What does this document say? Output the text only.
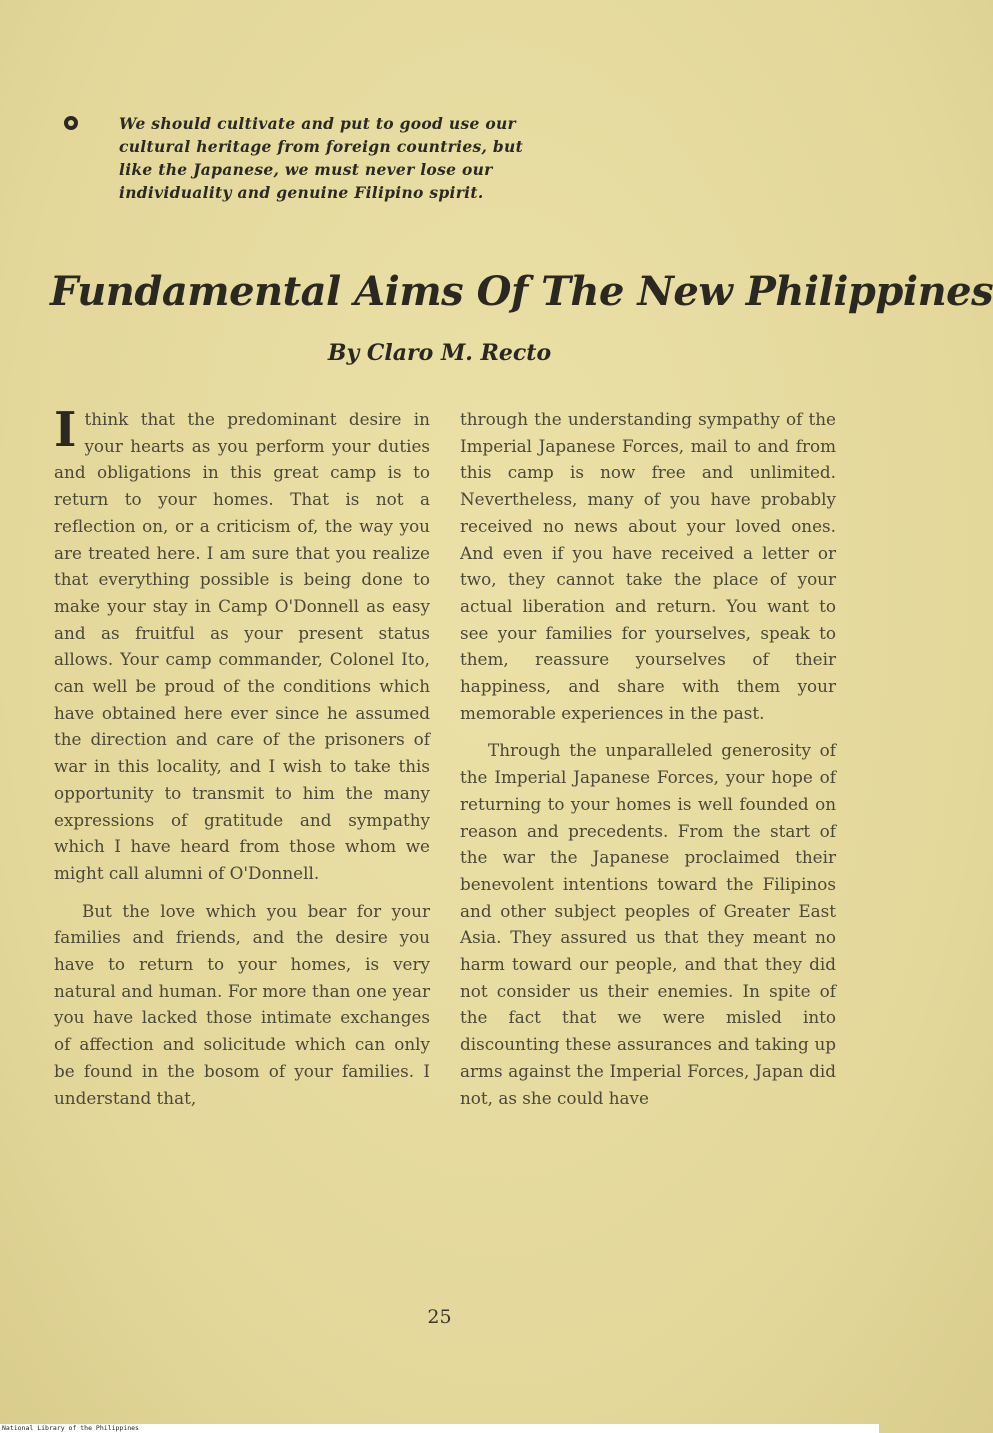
We should cultivate and put to good use our cultural heritage from foreign countries, but like the Japanese, we must never lose our individuality and genuine Filipino spirit.
Fundamental Aims Of The New Philippines
By Claro M. Recto

Ithink that the predominant desire in your hearts as you perform your duties and obligations in this great camp is to return to your homes. That is not a reflection on, or a criticism of, the way you are treated here. I am sure that you realize that everything possible is being done to make your stay in Camp O'Donnell as easy and as fruitful as your present status allows. Your camp commander, Colonel Ito, can well be proud of the conditions which have obtained here ever since he assumed the direction and care of the prisoners of war in this locality, and I wish to take this opportunity to transmit to him the many expressions of gratitude and sympathy which I have heard from those whom we might call alumni of O'Donnell.

But the love which you bear for your families and friends, and the desire you have to return to your homes, is very natural and human. For more than one year you have lacked those intimate exchanges of affection and solicitude which can only be found in the bosom of your families. I understand that,

through the understanding sympathy of the Imperial Japanese Forces, mail to and from this camp is now free and unlimited. Nevertheless, many of you have probably received no news about your loved ones. And even if you have received a letter or two, they cannot take the place of your actual liberation and return. You want to see your families for yourselves, speak to them, reassure yourselves of their happiness, and share with them your memorable experiences in the past.

Through the unparalleled generosity of the Imperial Japanese Forces, your hope of returning to your homes is well founded on reason and precedents. From the start of the war the Japanese proclaimed their benevolent intentions toward the Filipinos and other subject peoples of Greater East Asia. They assured us that they meant no harm toward our people, and that they did not consider us their enemies. In spite of the fact that we were misled into discounting these assurances and taking up arms against the Imperial Forces, Japan did not, as she could have

25
National Library of the Philippines
